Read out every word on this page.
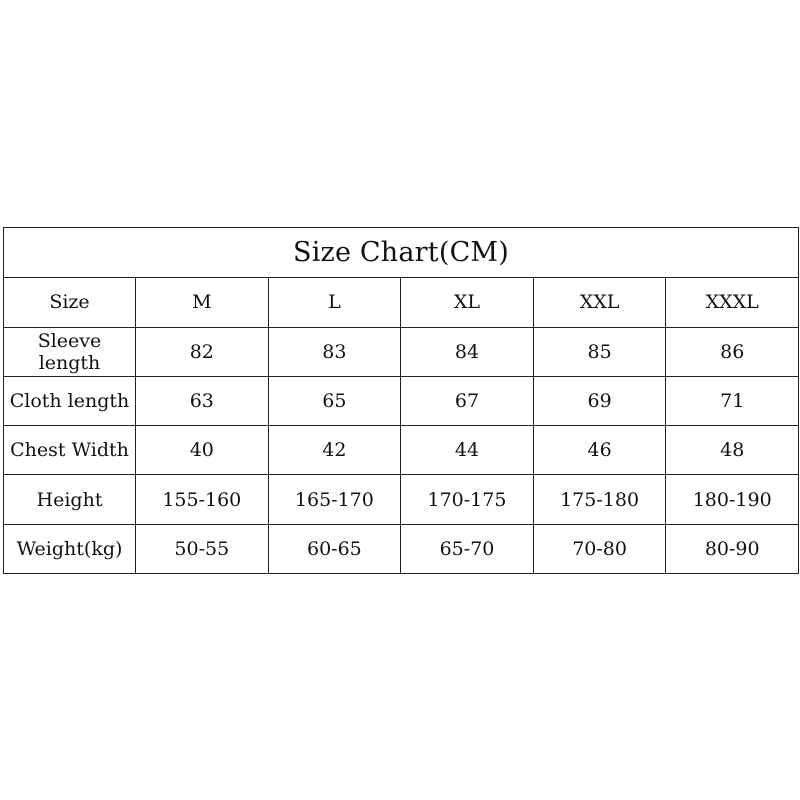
Size Chart(CM)					
Size	M	L	XL	XXL	XXXL
Sleeve length	82	83	84	85	86
Cloth length	63	65	67	69	71
Chest Width	40	42	44	46	48
Height	155-160	165-170	170-175	175-180	180-190
Weight(kg)	50-55	60-65	65-70	70-80	80-90
